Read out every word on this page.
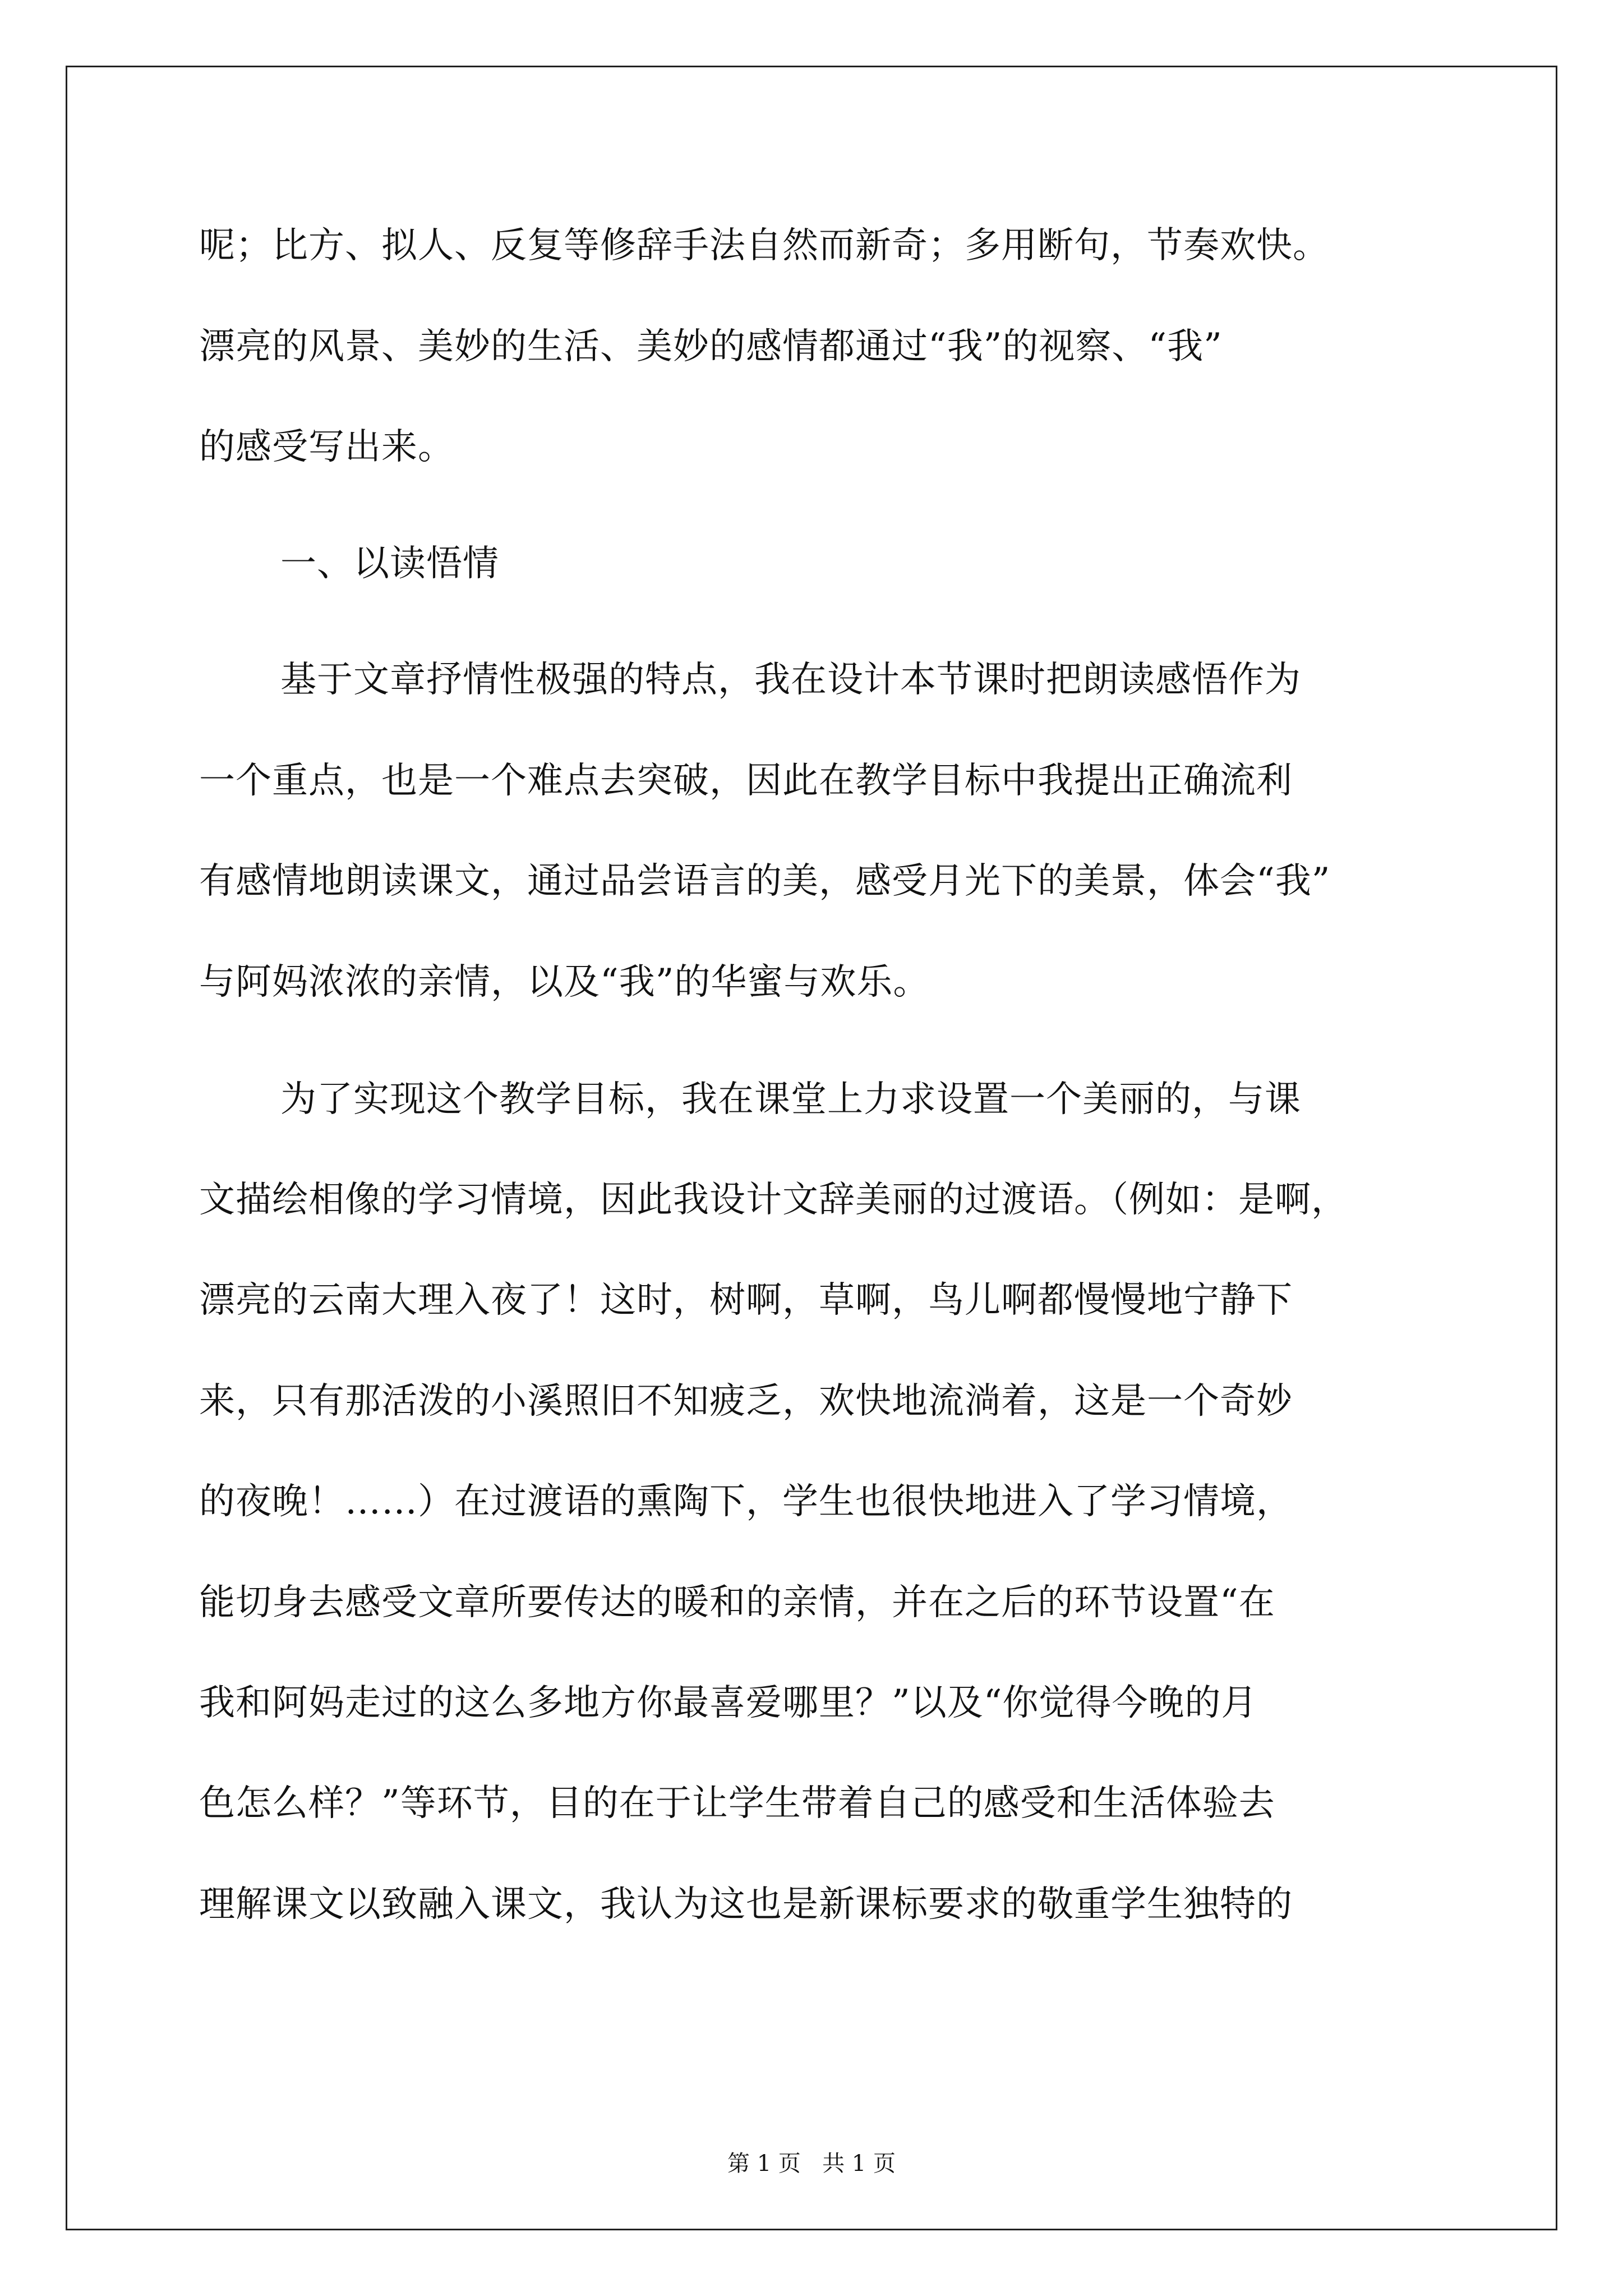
呢；比方、拟人、反复等修辞手法自然而新奇；多用断句，节奏欢快。
漂亮的风景、美妙的生活、美妙的感情都通过“我”的视察、“我”
的感受写出来。
一、以读悟情
基于文章抒情性极强的特点，我在设计本节课时把朗读感悟作为
一个重点，也是一个难点去突破，因此在教学目标中我提出正确流利
有感情地朗读课文，通过品尝语言的美，感受月光下的美景，体会“我”
与阿妈浓浓的亲情，以及“我”的华蜜与欢乐。
为了实现这个教学目标，我在课堂上力求设置一个美丽的，与课
文描绘相像的学习情境，因此我设计文辞美丽的过渡语。（例如：是啊，
漂亮的云南大理入夜了！这时，树啊，草啊，鸟儿啊都慢慢地宁静下
来，只有那活泼的小溪照旧不知疲乏，欢快地流淌着，这是一个奇妙
的夜晚！……）在过渡语的熏陶下，学生也很快地进入了学习情境，
能切身去感受文章所要传达的暖和的亲情，并在之后的环节设置“在
我和阿妈走过的这么多地方你最喜爱哪里？”以及“你觉得今晚的月
色怎么样？”等环节，目的在于让学生带着自己的感受和生活体验去
理解课文以致融入课文，我认为这也是新课标要求的敬重学生独特的
第 1 页   共 1 页
